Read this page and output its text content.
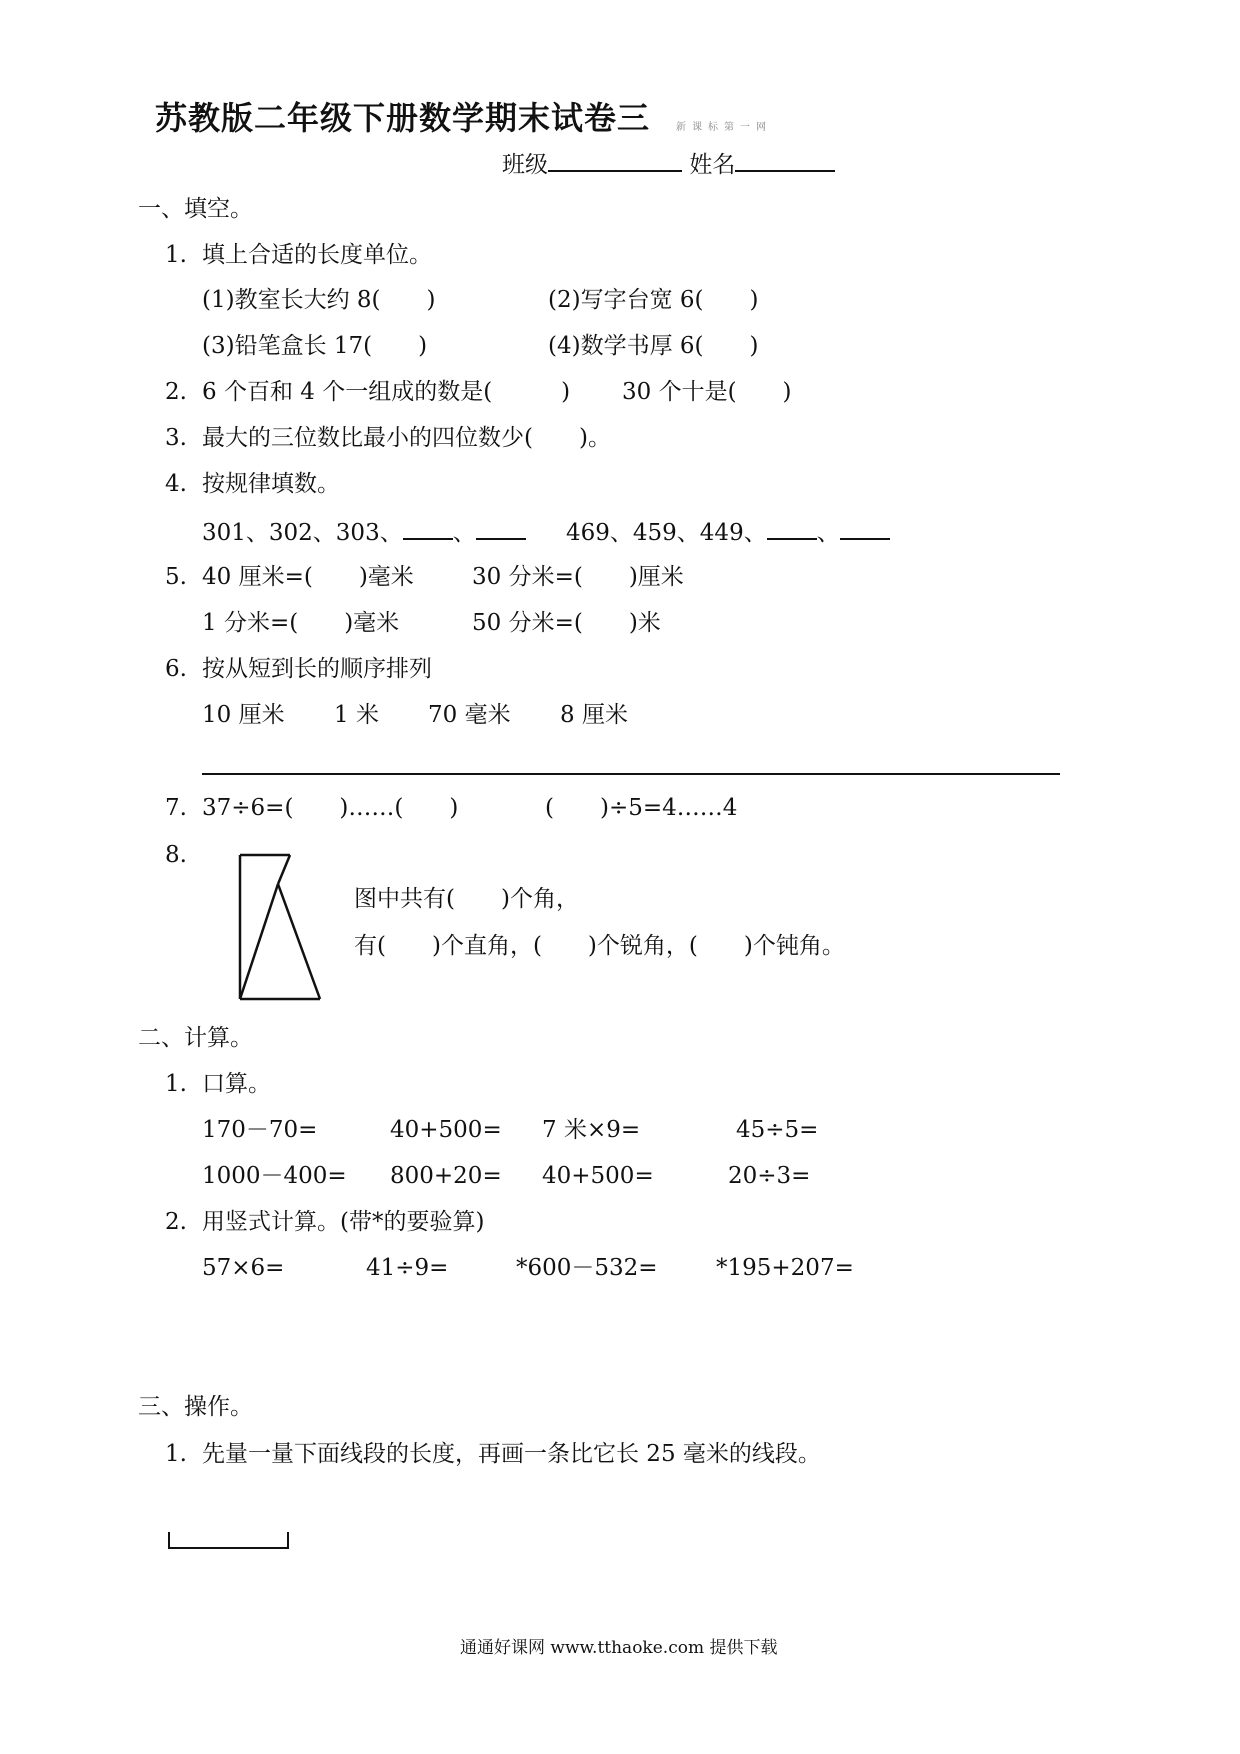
苏教版二年级下册数学期末试卷三	新课标第一网
班级	姓名
一、填空。
1. 填上合适的长度单位。
(1)教室长大约 8(　　)	(2)写字台宽 6(　　)
(3)铅笔盒长 17(　　)	(4)数学书厚 6(　　)
2. 6 个百和 4 个一组成的数是(　　　) 30 个十是(　　)
3. 最大的三位数比最小的四位数少(　　)。
4. 按规律填数。
301、302、303、 、	469、459、449、 、
5. 40 厘米=(　　)毫米	30 分米=(　　)厘米
1 分米=(　　)毫米	50 分米=(　　)米
6. 按从短到长的顺序排列
10 厘米 1 米 70 毫米 8 厘米
7. 37÷6=(　　)……(　　)	(　　)÷5=4……4
8.
图中共有(　　)个角，
有(　　)个直角，(　　)个锐角，(　　)个钝角。
二、计算。
1. 口算。
170－70=	40+500= 7 米×9=	45÷5=
1000－400= 800+20= 40+500=	20÷3=
2. 用竖式计算。(带*的要验算)
57×6=	41÷9=	*600－532=	*195+207=
三、操作。
1. 先量一量下面线段的长度，再画一条比它长 25 毫米的线段。
通通好课网 www.tthaoke.com 提供下载
